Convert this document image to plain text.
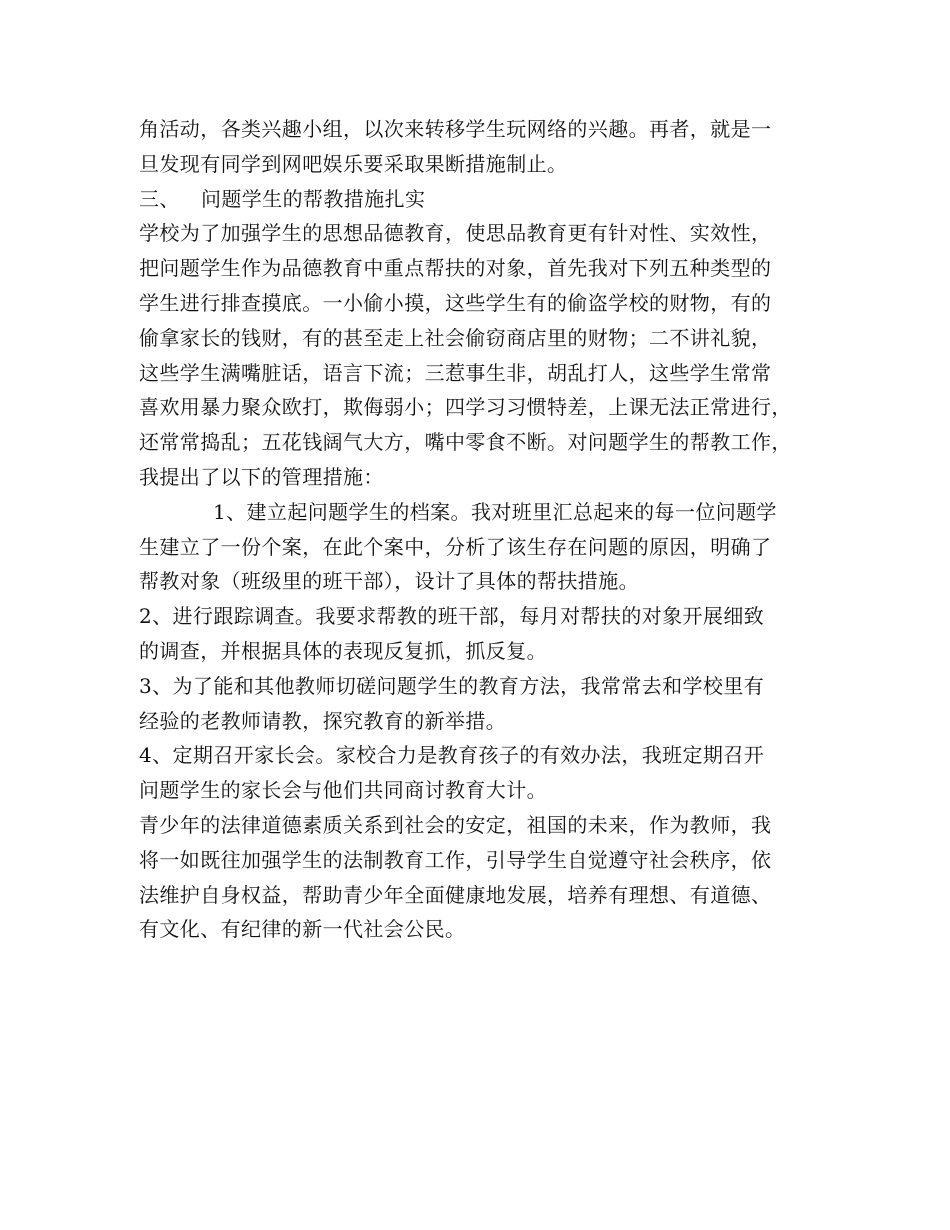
角活动，各类兴趣小组，以次来转移学生玩网络的兴趣。再者，就是一
旦发现有同学到网吧娱乐要采取果断措施制止。
三、 问题学生的帮教措施扎实
学校为了加强学生的思想品德教育，使思品教育更有针对性、实效性，
把问题学生作为品德教育中重点帮扶的对象，首先我对下列五种类型的
学生进行排查摸底。一小偷小摸，这些学生有的偷盗学校的财物，有的
偷拿家长的钱财，有的甚至走上社会偷窃商店里的财物；二不讲礼貌，
这些学生满嘴脏话，语言下流；三惹事生非，胡乱打人，这些学生常常
喜欢用暴力聚众欧打，欺侮弱小；四学习习惯特差，上课无法正常进行，
还常常捣乱；五花钱阔气大方，嘴中零食不断。对问题学生的帮教工作，
我提出了以下的管理措施：
1、建立起问题学生的档案。我对班里汇总起来的每一位问题学
生建立了一份个案，在此个案中，分析了该生存在问题的原因，明确了
帮教对象（班级里的班干部），设计了具体的帮扶措施。
2、进行跟踪调查。我要求帮教的班干部，每月对帮扶的对象开展细致
的调查，并根据具体的表现反复抓，抓反复。
3、为了能和其他教师切磋问题学生的教育方法，我常常去和学校里有
经验的老教师请教，探究教育的新举措。
4、定期召开家长会。家校合力是教育孩子的有效办法，我班定期召开
问题学生的家长会与他们共同商讨教育大计。
青少年的法律道德素质关系到社会的安定，祖国的未来，作为教师，我
将一如既往加强学生的法制教育工作，引导学生自觉遵守社会秩序，依
法维护自身权益，帮助青少年全面健康地发展，培养有理想、有道德、
有文化、有纪律的新一代社会公民。
